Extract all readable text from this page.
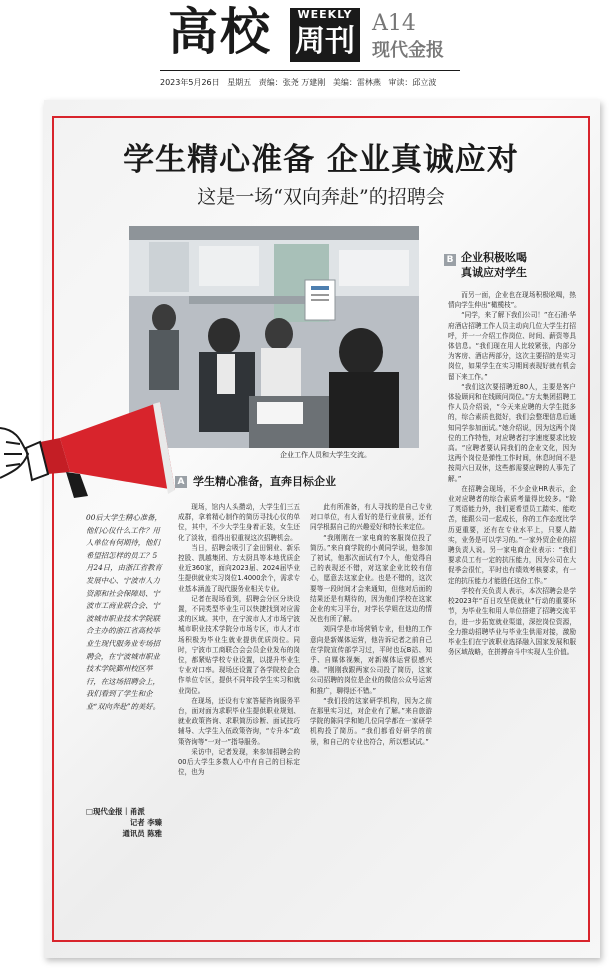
高校	WEEKLY
周刊
A14
现代金报
2023年5月26日 星期五 责编：张尧 万建刚 美编：雷林燕 审读：邱立波
学生精心准备 企业真诚应对
这是一场“双向奔赴”的招聘会
企业工作人员和大学生交流。
00后大学生精心准备，他们心仪什么工作？用人单位有何期待，他们希望招怎样的员工？5月24日，由浙江省教育发展中心、宁波市人力资源和社会保障局、宁波市工商业联合会、宁波城市职业技术学院联合主办的浙江省高校毕业生现代服务业专场招聘会，在宁波城市职业技术学院鄞州校区举行，在这场招聘会上，我们看到了学生和企业“双向奔赴”的美好。
□现代金报｜甬派
记者 李臻
通讯员 陈雅
A 学生精心准备，直奔目标企业

现场，馆内人头攒动，大学生们三五成群，拿着精心制作的简历寻找心仪的单位，其中，不少大学生身着正装，女生还化了淡妆，看得出很重视这次招聘机会。

当日，招聘会吸引了金田铜业、新乐控股、凯越集团、方太厨具等本地优质企业近360家，面向2023届、2024届毕业生提供就业实习岗位1.4000余个，需求专业基本涵盖了现代服务业相关专业。

记者在现场看到，招聘会分区分块设置，不同类型毕业生可以快捷找到对应需求的区域。其中，在宁波市人才市场宁波城市职业技术学院分市场专区，市人才市场积极为毕业生就业提供优质岗位。同时，宁波市工商联合会会员企业发布的岗位，都紧贴学校专业设置，以提升毕业生专业对口率。现场还设置了各学院校企合作单位专区，提供不同年段学生实习和就业岗位。

在现场，还设有专家答疑咨询服务平台，面对面为求职毕业生提供职业规划、就业政策咨询、求职简历诊断、面试技巧辅导、大学生入伍政策咨询，“专升本”政策咨询等“一对一”指导服务。

采访中，记者发现，来参加招聘会的00后大学生多数人心中有自己的目标定位，也为

此有所准备，有人寻找的是自己专业对口单位，有人看好的是行业前景，还有同学根据自己的兴趣爱好和特长来定位。

“我刚刚在一家电商的客服岗位投了简历。”来自商学院的小黄同学说，他参加了初试，他那次面试有7个人，他觉得自己的表现还不错，对这家企业比较有信心，愿意去这家企业。也是不错的，这次要等一段时间才会来通知，但他对后面的结果还是有期待的，因为他们学校在这家企业的实习平台，对学长学姐在这边的情况也有所了解。

刘同学是市场营销专业，但他的工作意向是新媒体运营，他告诉记者之前自己在学院宣传部学习过，平时也玩B站、知乎、自媒体视频，对新媒体运营很感兴趣。“刚刚我跟两家公司投了简历，这家公司招聘的岗位是企业的微信公众号运营和推广，聊得还不错。”

“我们投的这家研学机构，因为之前在那里实习过，对企业有了解。”来自旅游学院的陈同学和她几位同学都在一家研学机构投了简历。“我们都看好研学的前景，和自己的专业也符合，所以想试试。”

B 企业积极吆喝
真诚应对学生

而另一面，企业也在现场积极吆喝，热情向学生伸出“橄榄枝”。

“同学，来了解下我们公司！”在石浦·华府酒店招聘工作人员主动向几位大学生打招呼，并一一介绍工作岗位、时间、薪资等具体信息。“我们现在用人比较紧张，内部分为客房、酒店两部分，这次主要招的是实习岗位，如果学生在实习期间表现好就有机会留下来工作。”

“我们这次要招聘近80人，主要是客户体验顾问和在线顾问岗位。”方太集团招聘工作人员介绍说，“今天来应聘的大学生挺多的，综合素质也挺好，我们会整理信息后通知同学参加面试。”她介绍说，因为这两个岗位的工作特性，对应聘者打字速度要求比较高。“应聘者要认同我们的企业文化，因为这两个岗位是弹性工作时间，休息时间不是按周六日双休，这些都需要应聘的人事先了解。”

在招聘会现场，不少企业HR表示，企业对应聘者的综合素质考量得比较多。“除了英语能力外，我们更希望员工踏实、能吃苦，能跟公司一起成长，你的工作态度比学历更重要，还有在专业水平上，只要人踏实，业务是可以学习的。”一家外贸企业的招聘负责人说。另一家电商企业表示：“我们要求员工有一定的抗压能力，因为公司在大促季会很忙，平时也有绩效考核要求，有一定的抗压能力才能胜任这份工作。”

学校有关负责人表示，本次招聘会是学校2023年“百日攻坚促就业”行动的重要环节，为毕业生和用人单位搭建了招聘交流平台，进一步拓宽就业渠道，深挖岗位资源，全力推动招聘毕业与毕业生供需对接，激励毕业生们在宁波职业选择融入国家发展和服务区域战略，在拼搏奋斗中实现人生价值。
